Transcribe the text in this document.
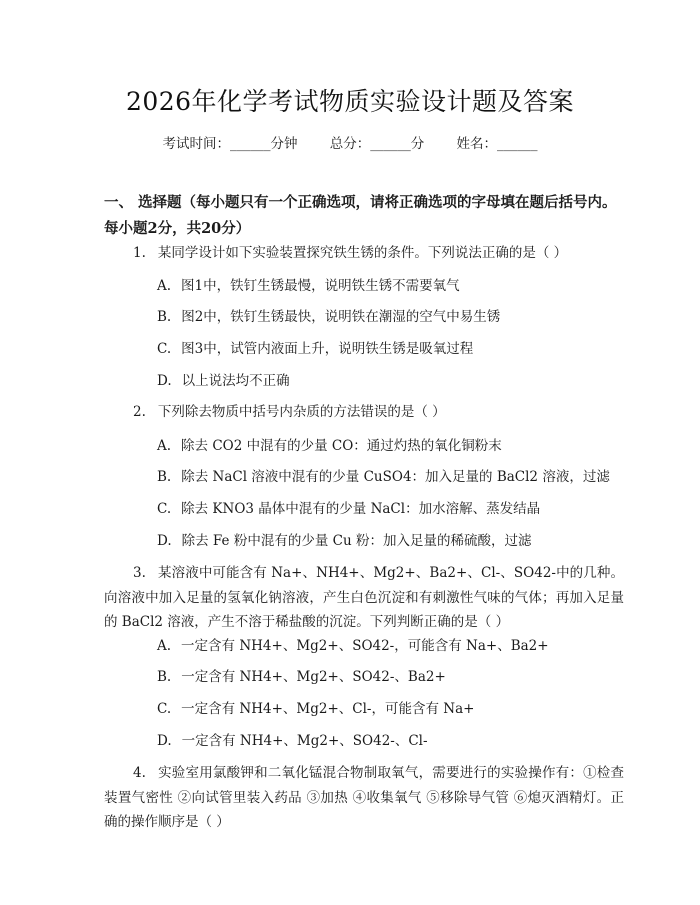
2026年化学考试物质实验设计题及答案
考试时间：______分钟 总分：______分 姓名：______
一、 选择题（每小题只有一个正确选项，请将正确选项的字母填在题后括号内。每小题2分，共20分）
1. 某同学设计如下实验装置探究铁生锈的条件。下列说法正确的是（ ）
A. 图1中，铁钉生锈最慢，说明铁生锈不需要氧气
B. 图2中，铁钉生锈最快，说明铁在潮湿的空气中易生锈
C. 图3中，试管内液面上升，说明铁生锈是吸氧过程
D. 以上说法均不正确
2. 下列除去物质中括号内杂质的方法错误的是（ ）
A. 除去 CO2 中混有的少量 CO：通过灼热的氧化铜粉末
B. 除去 NaCl 溶液中混有的少量 CuSO4：加入足量的 BaCl2 溶液，过滤
C. 除去 KNO3 晶体中混有的少量 NaCl：加水溶解、蒸发结晶
D. 除去 Fe 粉中混有的少量 Cu 粉：加入足量的稀硫酸，过滤
3. 某溶液中可能含有 Na+、NH4+、Mg2+、Ba2+、Cl-、SO42-中的几种。向溶液中加入足量的氢氧化钠溶液，产生白色沉淀和有刺激性气味的气体；再加入足量的 BaCl2 溶液，产生不溶于稀盐酸的沉淀。下列判断正确的是（ ）
A. 一定含有 NH4+、Mg2+、SO42-，可能含有 Na+、Ba2+
B. 一定含有 NH4+、Mg2+、SO42-、Ba2+
C. 一定含有 NH4+、Mg2+、Cl-，可能含有 Na+
D. 一定含有 NH4+、Mg2+、SO42-、Cl-
4. 实验室用氯酸钾和二氧化锰混合物制取氧气，需要进行的实验操作有：①检查装置气密性 ②向试管里装入药品 ③加热 ④收集氧气 ⑤移除导气管 ⑥熄灭酒精灯。正确的操作顺序是（ ）
